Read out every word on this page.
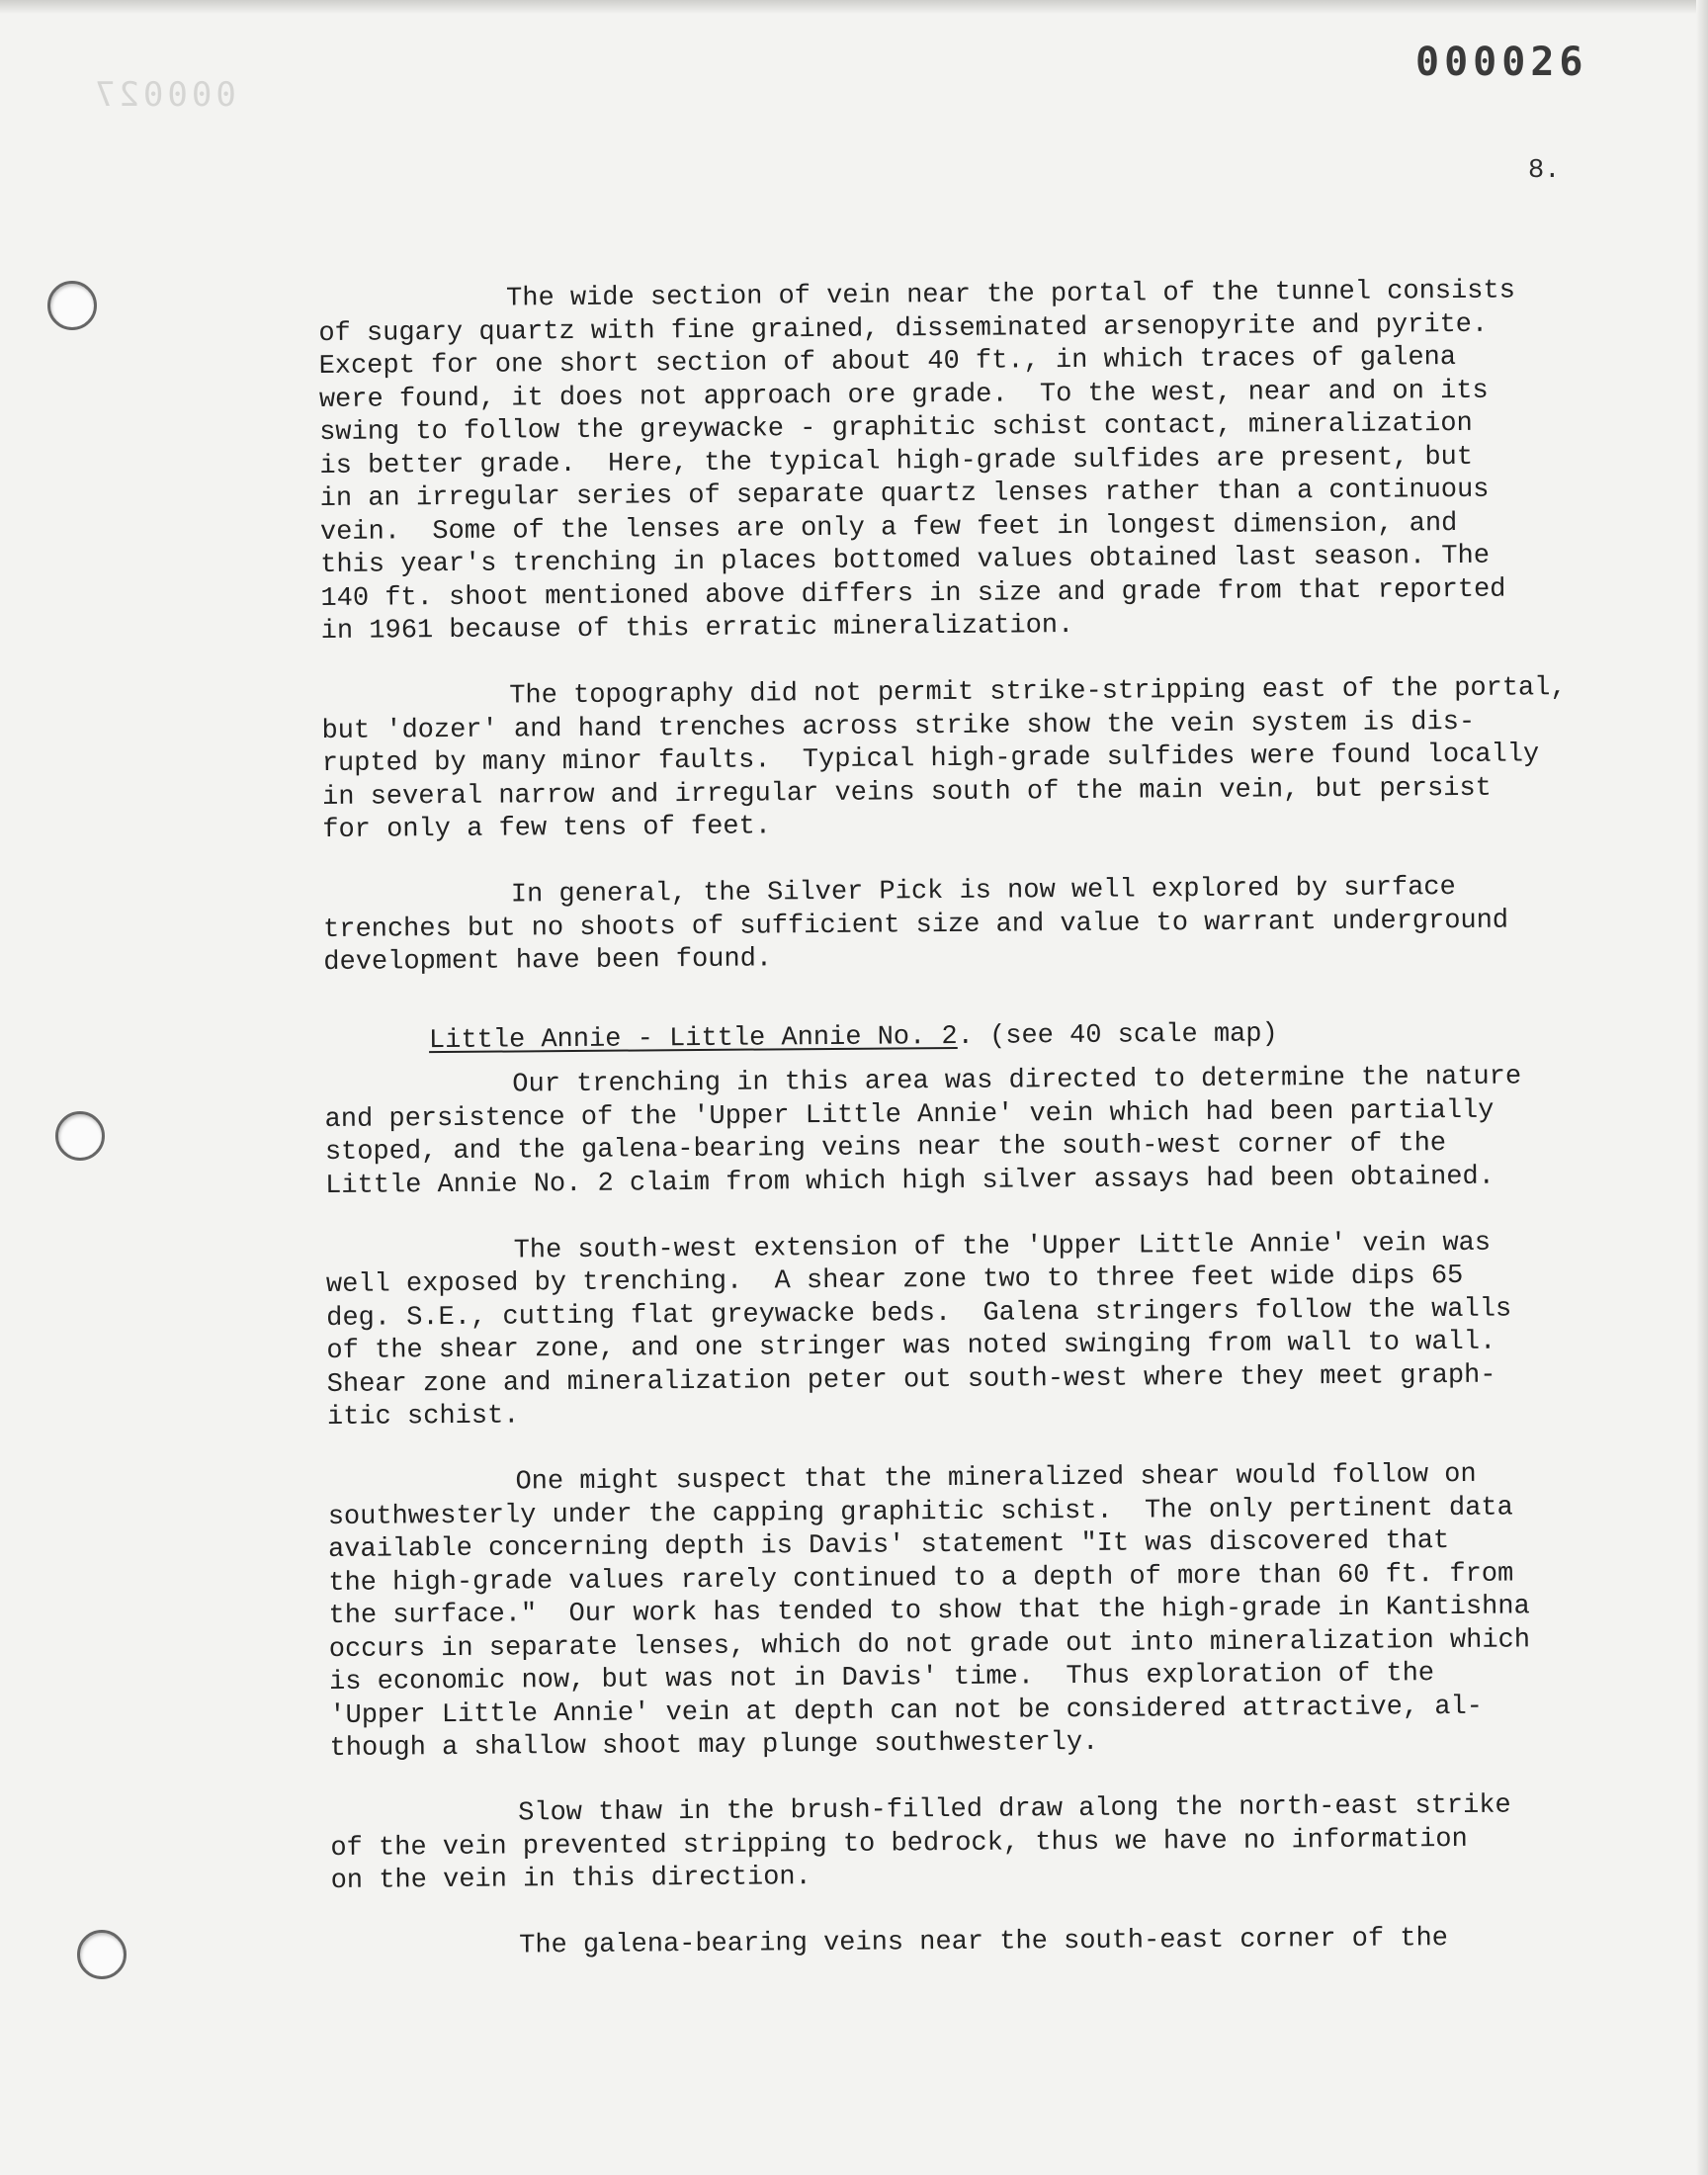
000027
000026
8.
The wide section of vein near the portal of the tunnel consists
of sugary quartz with fine grained, disseminated arsenopyrite and pyrite.
Except for one short section of about 40 ft., in which traces of galena
were found, it does not approach ore grade.  To the west, near and on its
swing to follow the greywacke - graphitic schist contact, mineralization
is better grade.  Here, the typical high-grade sulfides are present, but
in an irregular series of separate quartz lenses rather than a continuous
vein.  Some of the lenses are only a few feet in longest dimension, and
this year's trenching in places bottomed values obtained last season. The
140 ft. shoot mentioned above differs in size and grade from that reported
in 1961 because of this erratic mineralization.
The topography did not permit strike-stripping east of the portal,
but 'dozer' and hand trenches across strike show the vein system is dis-
rupted by many minor faults.  Typical high-grade sulfides were found locally
in several narrow and irregular veins south of the main vein, but persist
for only a few tens of feet.
In general, the Silver Pick is now well explored by surface
trenches but no shoots of sufficient size and value to warrant underground
development have been found.
Little Annie - Little Annie No. 2. (see 40 scale map)
Our trenching in this area was directed to determine the nature
and persistence of the 'Upper Little Annie' vein which had been partially
stoped, and the galena-bearing veins near the south-west corner of the
Little Annie No. 2 claim from which high silver assays had been obtained.
The south-west extension of the 'Upper Little Annie' vein was
well exposed by trenching.  A shear zone two to three feet wide dips 65
deg. S.E., cutting flat greywacke beds.  Galena stringers follow the walls
of the shear zone, and one stringer was noted swinging from wall to wall.
Shear zone and mineralization peter out south-west where they meet graph-
itic schist.
One might suspect that the mineralized shear would follow on
southwesterly under the capping graphitic schist.  The only pertinent data
available concerning depth is Davis' statement "It was discovered that
the high-grade values rarely continued to a depth of more than 60 ft. from
the surface."  Our work has tended to show that the high-grade in Kantishna
occurs in separate lenses, which do not grade out into mineralization which
is economic now, but was not in Davis' time.  Thus exploration of the
'Upper Little Annie' vein at depth can not be considered attractive, al-
though a shallow shoot may plunge southwesterly.
Slow thaw in the brush-filled draw along the north-east strike
of the vein prevented stripping to bedrock, thus we have no information
on the vein in this direction.
The galena-bearing veins near the south-east corner of the
